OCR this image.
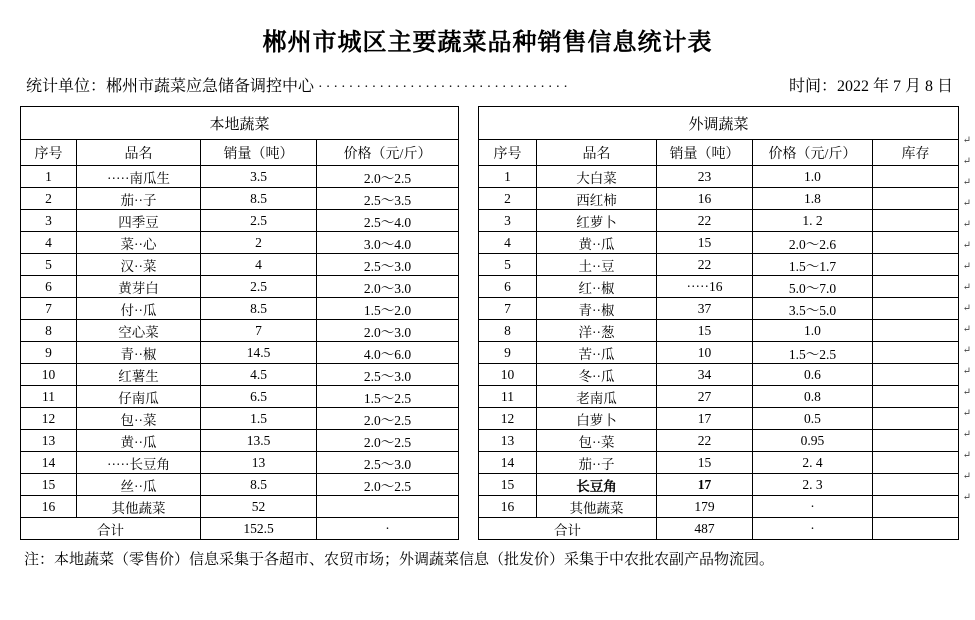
郴州市城区主要蔬菜品种销售信息统计表
统计单位： 郴州市蔬菜应急储备调控中心 ·································	时间： 2022 年 7 月 8 日
本地蔬菜			
序号	品名	销量（吨）	价格（元/斤）
1	·····南瓜生	3.5	2.0～2.5
2	茄··子	8.5	2.5～3.5
3	四季豆	2.5	2.5～4.0
4	菜··心	2	3.0～4.0
5	汉··菜	4	2.5～3.0
6	黄芽白	2.5	2.0～3.0
7	付··瓜	8.5	1.5～2.0
8	空心菜	7	2.0～3.0
9	青··椒	14.5	4.0～6.0
10	红薯生	4.5	2.5～3.0
11	仔南瓜	6.5	1.5～2.5
12	包··菜	1.5	2.0～2.5
13	黄··瓜	13.5	2.0～2.5
14	·····长豆角	13	2.5～3.0
15	丝··瓜	8.5	2.0～2.5
16	其他蔬菜	52	
合计		152.5	·
外调蔬菜				
序号	品名	销量（吨）	价格（元/斤）	库存
1	大白菜	23	1.0	
2	西红柿	16	1.8	
3	红萝卜	22	1. 2	
4	黄··瓜	15	2.0～2.6	
5	土··豆	22	1.5～1.7	
6	红··椒	·····16	5.0～7.0	
7	青··椒	37	3.5～5.0	
8	洋··葱	15	1.0	
9	苦··瓜	10	1.5～2.5	
10	冬··瓜	34	0.6	
11	老南瓜	27	0.8	
12	白萝卜	17	0.5	
13	包··菜	22	0.95	
14	茄··子	15	2. 4	
15	长豆角	17	2. 3	
16	其他蔬菜	179	·	
合计		487	·	
注：本地蔬菜（零售价）信息采集于各超市、农贸市场；外调蔬菜信息（批发价）采集于中农批农副产品物流园。
↵
↵
↵
↵
↵
↵
↵
↵
↵
↵
↵
↵
↵
↵
↵
↵
↵
↵
